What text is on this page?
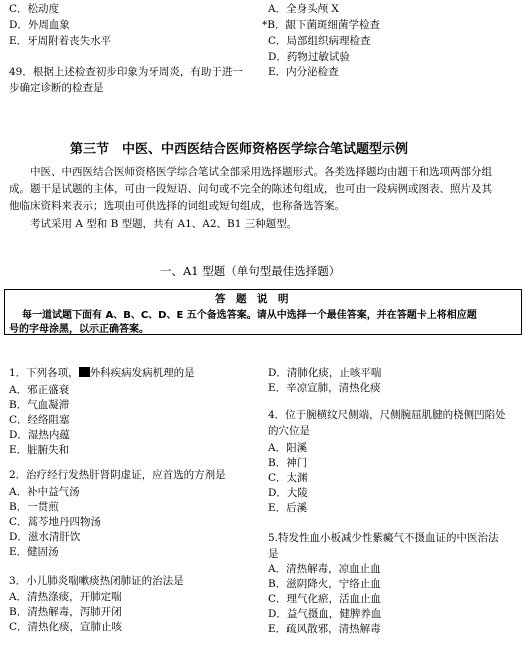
C．松动度
D．外周血象
E．牙周附着丧失水平
A．全身头颅 X
*B．龈下菌斑细菌学检查
C．局部组织病理检查
D．药物过敏试验
E．内分泌检查
49．根据上述检查初步印象为牙周炎，有助于进一
步确定诊断的检查是
第三节　中医、中西医结合医师资格医学综合笔试题型示例
中医、中西医结合医师资格医学综合笔试全部采用选择题形式。各类选择题均由题干和选项两部分组
成。题干是试题的主体，可由一段短语、问句或不完全的陈述句组成，也可由一段病例或图表、照片及其
他临床资料来表示；选项由可供选择的词组或短句组成，也称备选答案。
考试采用 A 型和 B 型题，共有 A1、A2、B1 三种题型。
一、A1 型题（单句型最佳选择题）
答　题　说　明
每一道试题下面有 A、B、C、D、E 五个备选答案。请从中选择一个最佳答案，并在答题卡上将相应题
号的字母涂黑，以示正确答案。
1．下列各项， 外科疾病发病机理的是
A．邪正盛衰
B．气血凝滞
C．经络阻塞
D．湿热内蕴
E．脏腑失和
2．治疗经行发热肝肾阴虚证，应首选的方剂是
A．补中益气汤
B．一贯煎
C．蒿芩地丹四物汤
D．滋水清肝饮
E．健固汤
3．小儿肺炎喘嗽痰热闭肺证的治法是
A．清热涤痰，开肺定喘
B．清热解毒，泻肺开闭
C．清热化痰，宣肺止咳
D．清肺化痰，止咳平喘
E．辛凉宣肺，清热化痰
4．位于腕横纹尺侧端，尺侧腕屈肌腱的桡侧凹陷处
的穴位是
A．阳溪
B．神门
C．太渊
D．大陵
E．后溪
5.特发性血小板减少性紫癜气不摄血证的中医治法
是
A．清热解毒，凉血止血
B．滋阴降火，宁络止血
C．理气化瘀，活血止血
D．益气摄血，健脾养血
E．疏风散邪，清热解毒
